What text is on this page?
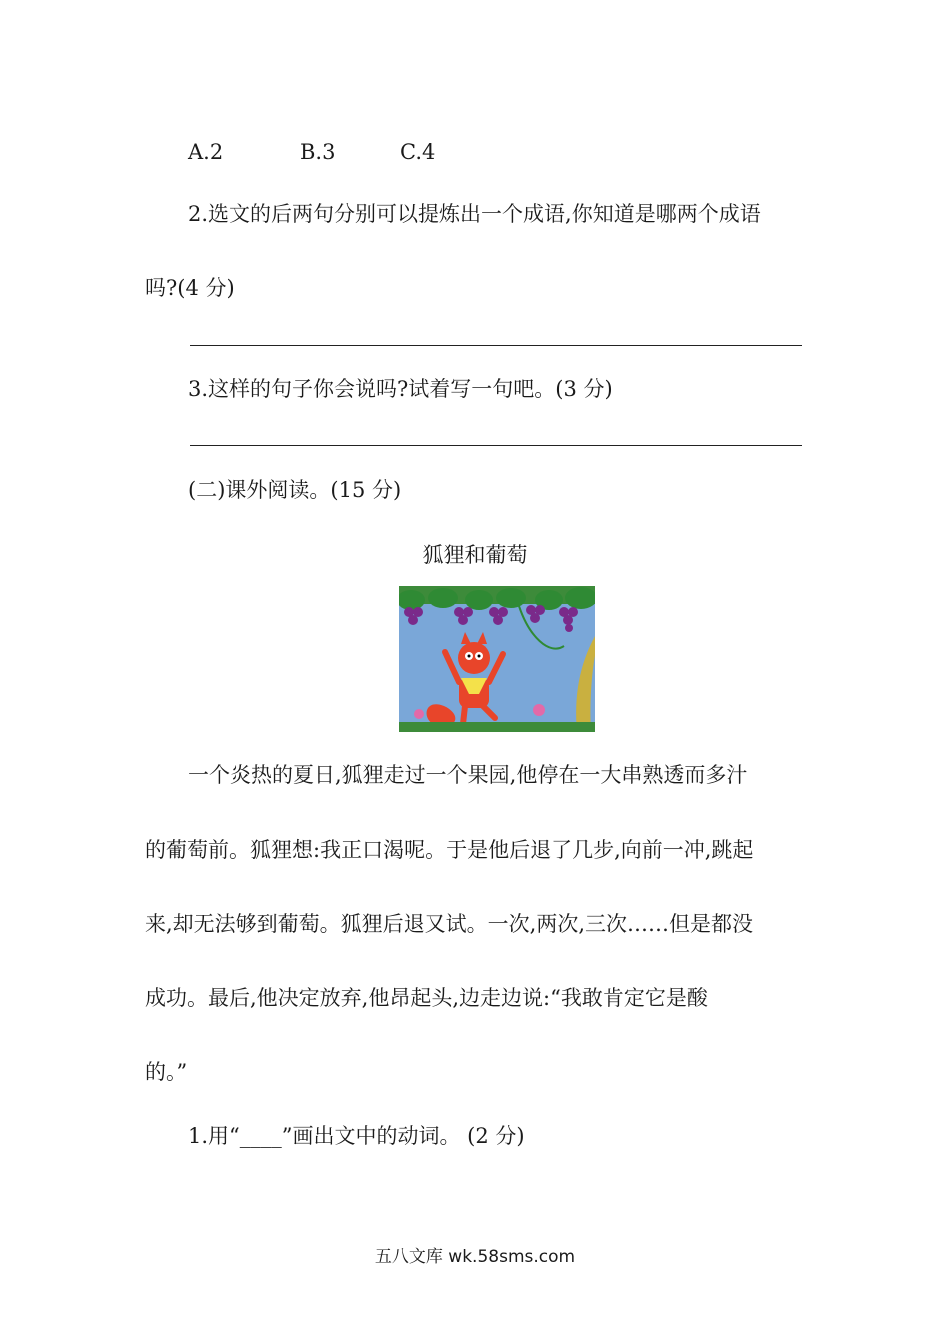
A.2	B.3	C.4
2.选文的后两句分别可以提炼出一个成语,你知道是哪两个成语
吗?(4 分)
3.这样的句子你会说吗?试着写一句吧。(3 分)
(二)课外阅读。(15 分)
狐狸和葡萄
一个炎热的夏日,狐狸走过一个果园,他停在一大串熟透而多汁
的葡萄前。狐狸想:我正口渴呢。于是他后退了几步,向前一冲,跳起
来,却无法够到葡萄。狐狸后退又试。一次,两次,三次……但是都没
成功。最后,他决定放弃,他昂起头,边走边说:“我敢肯定它是酸
的。”
1.用“____”画出文中的动词。 (2 分)
五八文库 wk.58sms.com
